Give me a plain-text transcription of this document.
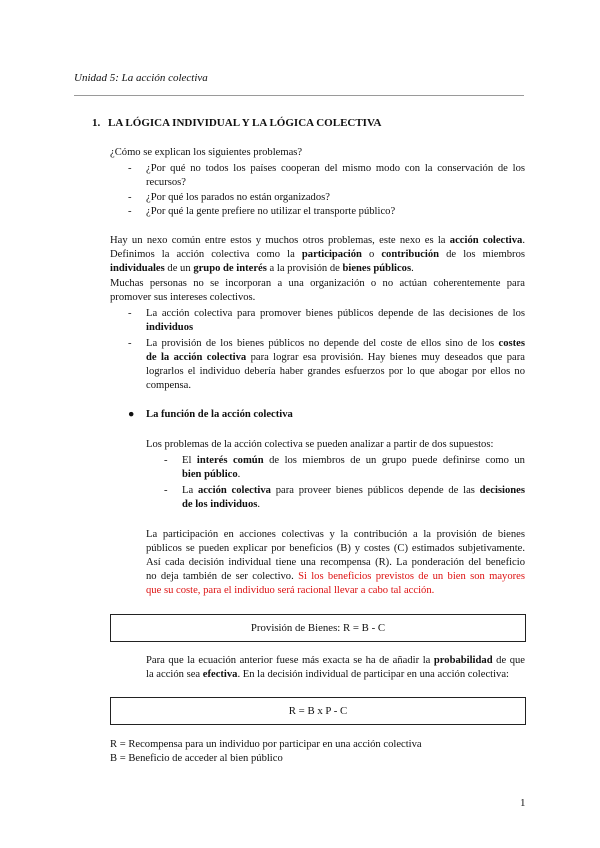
Unidad 5: La acción colectiva
1. LA LÓGICA INDIVIDUAL Y LA LÓGICA COLECTIVA
¿Cómo se explican los siguientes problemas?
- ¿Por qué no todos los países cooperan del mismo modo con la conservación de los
recursos?
- ¿Por qué los parados no están organizados?
- ¿Por qué la gente prefiere no utilizar el transporte público?
Hay un nexo común entre estos y muchos otros problemas, este nexo es la acción colectiva.
Definimos la acción colectiva como la participación o contribución de los miembros
individuales de un grupo de interés a la provisión de bienes públicos.
Muchas personas no se incorporan a una organización o no actúan coherentemente para
promover sus intereses colectivos.
- La acción colectiva para promover bienes públicos depende de las decisiones de los
individuos
- La provisión de los bienes públicos no depende del coste de ellos sino de los costes
de la acción colectiva para lograr esa provisión. Hay bienes muy deseados que para
lograrlos el individuo debería haber grandes esfuerzos por lo que abogar por ellos no
compensa.
● La función de la acción colectiva
Los problemas de la acción colectiva se pueden analizar a partir de dos supuestos:
- El interés común de los miembros de un grupo puede definirse como un
bien público.
- La acción colectiva para proveer bienes públicos depende de las decisiones
de los individuos.
La participación en acciones colectivas y la contribución a la provisión de bienes
públicos se pueden explicar por beneficios (B) y costes (C) estimados subjetivamente.
Así cada decisión individual tiene una recompensa (R). La ponderación del beneficio
no deja también de ser colectivo. Si los beneficios previstos de un bien son mayores
que su coste, para el individuo será racional llevar a cabo tal acción.
Provisión de Bienes: R = B - C
Para que la ecuación anterior fuese más exacta se ha de añadir la probabilidad de que
la acción sea efectiva. En la decisión individual de participar en una acción colectiva:
R = B x P - C
R = Recompensa para un individuo por participar en una acción colectiva
B = Beneficio de acceder al bien público
1
